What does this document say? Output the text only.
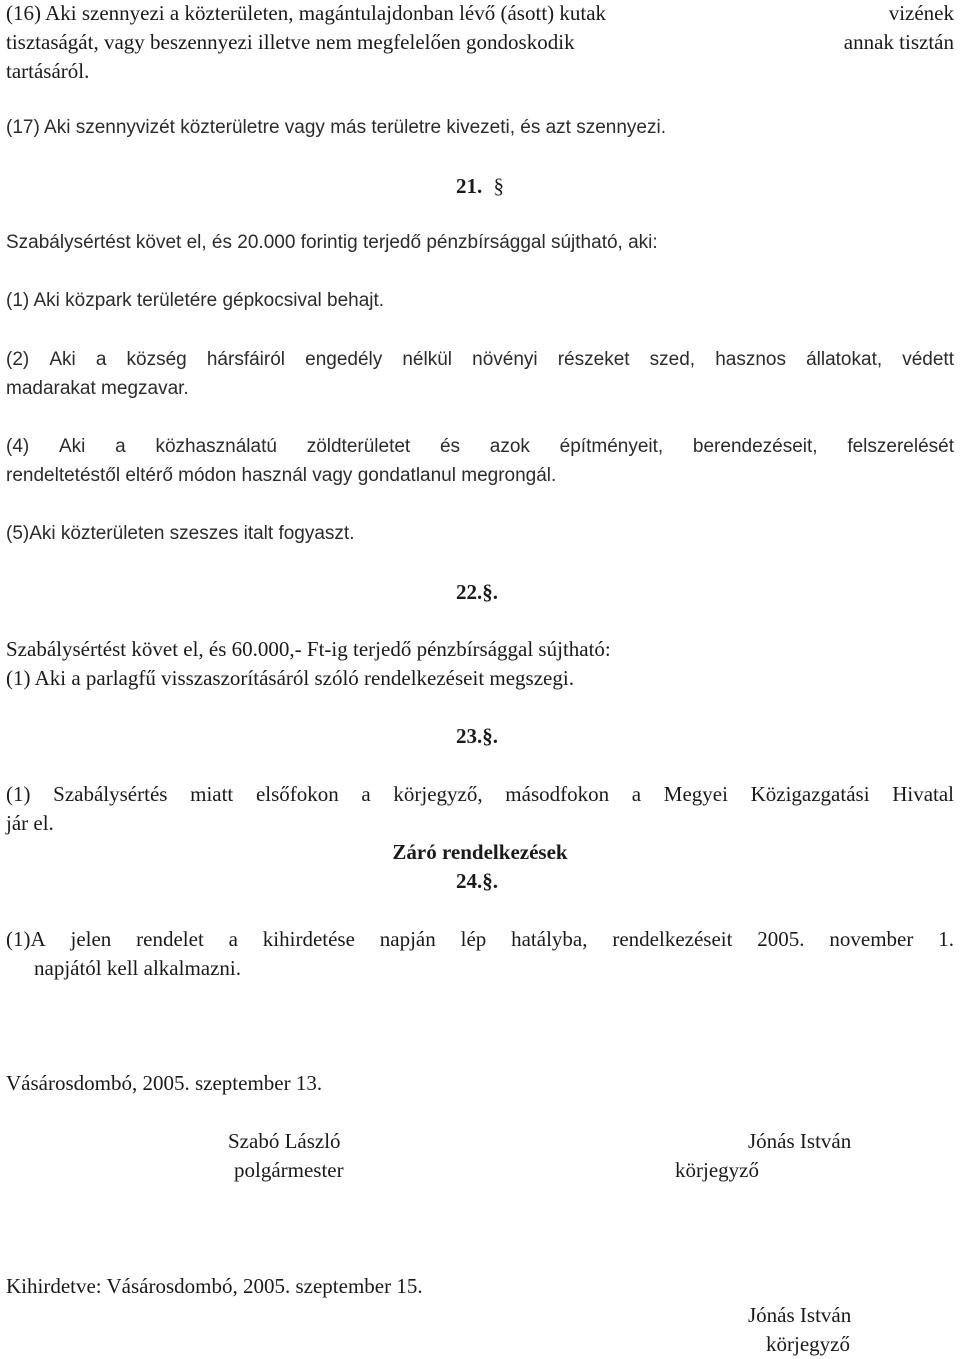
(16) Aki szennyezi a közterületen, magántulajdonban lévő (ásott) kutak	vizének
tisztaságát, vagy beszennyezi illetve nem megfelelően gondoskodik	annak tisztán
tartásáról.
(17) Aki szennyvizét közterületre vagy más területre kivezeti, és azt szennyezi.
21. §
Szabálysértést követ el, és 20.000 forintig terjedő pénzbírsággal sújtható, aki:
(1) Aki közpark területére gépkocsival behajt.
(2) Aki a község hársfáiról engedély nélkül növényi részeket szed, hasznos állatokat, védett
madarakat megzavar.
(4) Aki a közhasználatú zöldterületet és azok építményeit, berendezéseit, felszerelését
rendeltetéstől eltérő módon használ vagy gondatlanul megrongál.
(5)Aki közterületen szeszes italt fogyaszt.
22.§.
Szabálysértést követ el, és 60.000,- Ft-ig terjedő pénzbírsággal sújtható:
(1) Aki a parlagfű visszaszorításáról szóló rendelkezéseit megszegi.
23.§.
(1) Szabálysértés miatt elsőfokon a körjegyző, másodfokon a Megyei Közigazgatási Hivatal
jár el.
Záró rendelkezések
24.§.
(1)A jelen rendelet a kihirdetése napján lép hatályba, rendelkezéseit 2005. november 1.
napjától kell alkalmazni.
Vásárosdombó, 2005. szeptember 13.
Szabó László
polgármester
Jónás István
körjegyző
Kihirdetve: Vásárosdombó, 2005. szeptember 15.
Jónás István
körjegyző
